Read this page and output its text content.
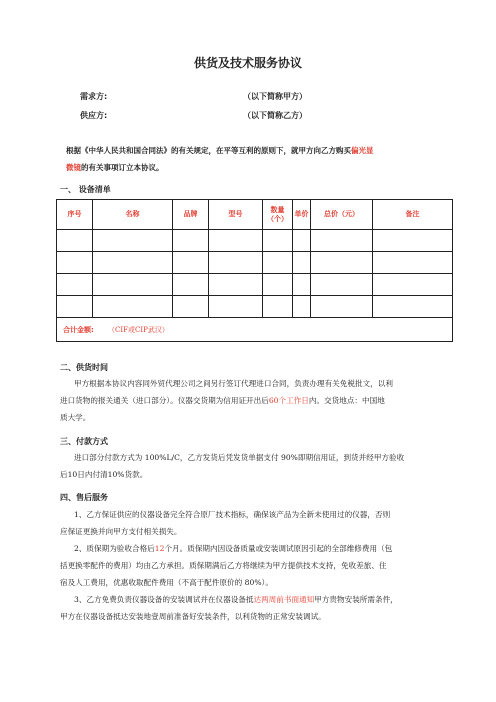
供货及技术服务协议
需求方:	（以下简称甲方）
供应方:	（以下简称乙方）
根据《中华人民共和国合同法》的有关规定，在平等互利的原则下，就甲方向乙方购买偏光显
微镜的有关事项订立本协议。
一、 设备清单
序号	名称	品牌	型号	数量（个）	单价	总价（元）	备注

合计金额: （CIF或CIP武汉）							
二、供货时间
甲方根据本协议内容同外贸代理公司之间另行签订代理进口合同，负责办理有关免税批文，以利
进口货物的报关通关（进口部分）。仪器交货期为信用证开出后60个工作日内。交货地点：中国地
质大学。
三、付款方式
进口部分付款方式为 100%L/C，乙方发货后凭发货单据支付 90%即期信用证，到货并经甲方验收
后10日内付清10%货款。
四、售后服务
1、乙方保证供应的仪器设备完全符合原厂技术指标，确保该产品为全新未使用过的仪器，否则
应保证更换并向甲方支付相关损失。
2、质保期为验收合格后12个月。质保期内因设备质量或安装调试原因引起的全部维修费用（包
括更换零配件的费用）均由乙方承担。质保期满后乙方将继续为甲方提供技术支持，免收差旅、住
宿及人工费用，优惠收取配件费用（不高于配件原价的 80%）。
3、乙方免费负责仪器设备的安装调试并在仪器设备抵达两周前书面通知甲方贵物安装所需条件，
甲方在仪器设备抵达安装地壹周前准备好安装条件，以利货物的正常安装调试。
